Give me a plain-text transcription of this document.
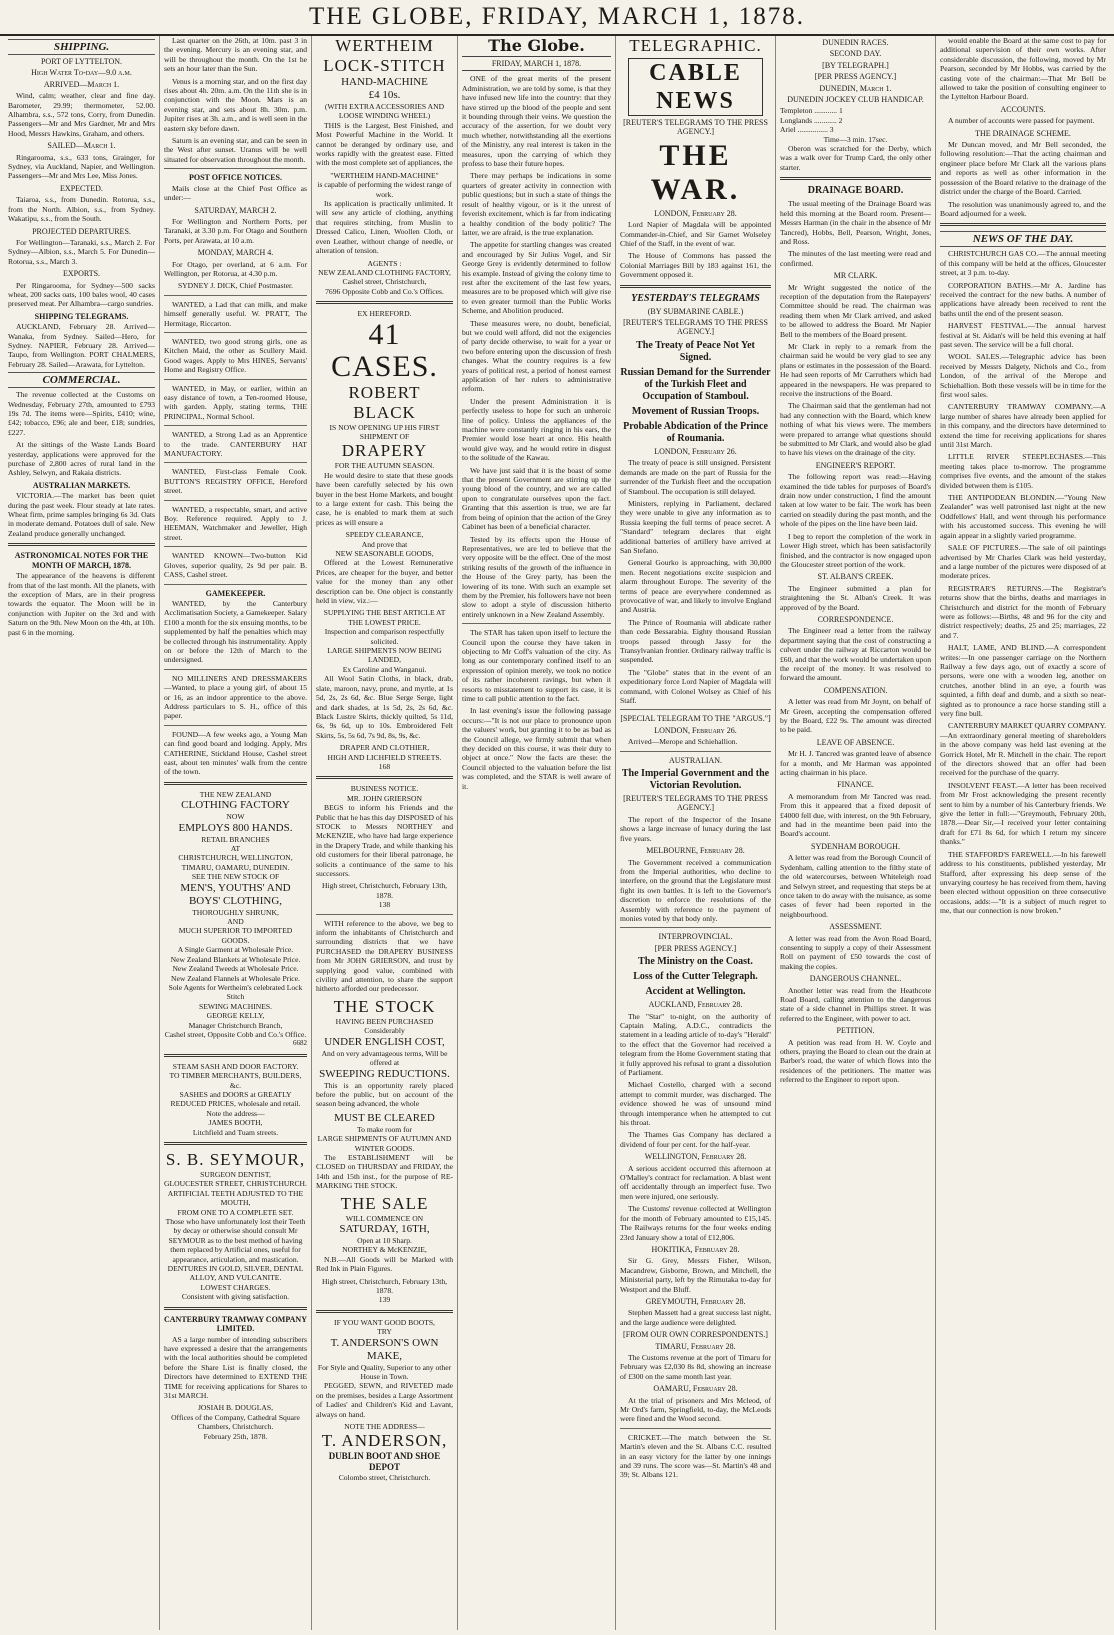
THE GLOBE, FRIDAY, MARCH 1, 1878.
SHIPPING.
PORT OF LYTTELTON.
High Water To-day—9.0 a.m.
ARRIVED—March 1.

Wind, calm; weather, clear and fine day. Barometer, 29.99; thermometer, 52.00. Alhambra, s.s., 572 tons, Corry, from Dunedin. Passengers—Mr and Mrs Gardner, Mr and Mrs Hood, Messrs Hawkins, Graham, and others.

SAILED—March 1.

Ringarooma, s.s., 633 tons, Grainger, for Sydney, via Auckland, Napier, and Wellington. Passengers—Mr and Mrs Lee, Miss Jones.

EXPECTED.

Taiaroa, s.s., from Dunedin. Rotorua, s.s., from the North. Albion, s.s., from Sydney. Wakatipu, s.s., from the South.

PROJECTED DEPARTURES.

For Wellington—Taranaki, s.s., March 2. For Sydney—Albion, s.s., March 5. For Dunedin—Rotorua, s.s., March 3.

EXPORTS.

Per Ringarooma, for Sydney—500 sacks wheat, 200 sacks oats, 100 bales wool, 40 cases preserved meat. Per Alhambra—cargo sundries.

SHIPPING TELEGRAMS.

AUCKLAND, February 28. Arrived—Wanaka, from Sydney. Sailed—Hero, for Sydney. NAPIER, February 28. Arrived—Taupo, from Wellington. PORT CHALMERS, February 28. Sailed—Arawata, for Lyttelton.

COMMERCIAL.

The revenue collected at the Customs on Wednesday, February 27th, amounted to £793 19s 7d. The items were—Spirits, £410; wine, £42; tobacco, £96; ale and beer, £18; sundries, £227.

At the sittings of the Waste Lands Board yesterday, applications were approved for the purchase of 2,800 acres of rural land in the Ashley, Selwyn, and Rakaia districts.

AUSTRALIAN MARKETS.

VICTORIA.—The market has been quiet during the past week. Flour steady at late rates. Wheat firm, prime samples bringing 6s 3d. Oats in moderate demand. Potatoes dull of sale. New Zealand produce generally unchanged.

ASTRONOMICAL NOTES FOR THE MONTH OF MARCH, 1878.

The appearance of the heavens is different from that of the last month. All the planets, with the exception of Mars, are in their progress towards the equator. The Moon will be in conjunction with Jupiter on the 3rd and with Saturn on the 9th. New Moon on the 4th, at 10h. past 6 in the morning.

Last quarter on the 26th, at 10m. past 3 in the evening. Mercury is an evening star, and will be throughout the month. On the 1st he sets an hour later than the Sun.

Venus is a morning star, and on the first day rises about 4h. 20m. a.m. On the 11th she is in conjunction with the Moon. Mars is an evening star, and sets about 8h. 30m. p.m. Jupiter rises at 3h. a.m., and is well seen in the eastern sky before dawn.

Saturn is an evening star, and can be seen in the West after sunset. Uranus will be well situated for observation throughout the month.

POST OFFICE NOTICES.

Mails close at the Chief Post Office as under:—

SATURDAY, MARCH 2.

For Wellington and Northern Ports, per Taranaki, at 3.30 p.m. For Otago and Southern Ports, per Arawata, at 10 a.m.

MONDAY, MARCH 4.

For Otago, per overland, at 6 a.m. For Wellington, per Rotorua, at 4.30 p.m.

SYDNEY J. DICK, Chief Postmaster.

WANTED, a Lad that can milk, and make himself generally useful. W. PRATT, The Hermitage, Riccarton.

WANTED, two good strong girls, one as Kitchen Maid, the other as Scullery Maid. Good wages. Apply to Mrs HINES, Servants' Home and Registry Office.

WANTED, in May, or earlier, within an easy distance of town, a Ten-roomed House, with garden. Apply, stating terms, THE PRINCIPAL, Normal School.

WANTED, a Strong Lad as an Apprentice to the trade. CANTERBURY HAT MANUFACTORY.

WANTED, First-class Female Cook. BUTTON'S REGISTRY OFFICE, Hereford street.

WANTED, a respectable, smart, and active Boy. Reference required. Apply to J. HEEMAN, Watchmaker and Jeweller, High street.

WANTED KNOWN—Two-button Kid Gloves, superior quality, 2s 9d per pair. B. CASS, Cashel street.

GAMEKEEPER.

WANTED, by the Canterbury Acclimatisation Society, a Gamekeeper. Salary £100 a month for the six ensuing months, to be supplemented by half the penalties which may be collected through his instrumentality. Apply on or before the 12th of March to the undersigned.

NO MILLINERS AND DRESSMAKERS—Wanted, to place a young girl, of about 15 or 16, as an indoor apprentice to the above. Address particulars to S. H., office of this paper.

FOUND—A few weeks ago, a Young Man can find good board and lodging. Apply, Mrs CATHERINE, Stickland House, Cashel street east, about ten minutes' walk from the centre of the town.

THE NEW ZEALAND
CLOTHING FACTORY
NOW
EMPLOYS 800 HANDS.
RETAIL BRANCHES
AT
CHRISTCHURCH, WELLINGTON, TIMARU, OAMARU, DUNEDIN.
SEE THE NEW STOCK OF
MEN'S, YOUTHS' AND BOYS' CLOTHING,
THOROUGHLY SHRUNK,
AND
MUCH SUPERIOR TO IMPORTED GOODS.
A Single Garment at Wholesale Price.
New Zealand Blankets at Wholesale Price.
New Zealand Tweeds at Wholesale Price.
New Zealand Flannels at Wholesale Price.
Sole Agents for Wertheim's celebrated Lock Stitch
SEWING MACHINES.
GEORGE KELLY,
Manager Christchurch Branch,
Cashel street, Opposite Cobb and Co.'s Office.
6682
STEAM SASH AND DOOR FACTORY.
TO TIMBER MERCHANTS, BUILDERS, &c.
SASHES and DOORS at GREATLY REDUCED PRICES, wholesale and retail.
Note the address—
JAMES BOOTH,
Litchfield and Tuam streets.
S. B. SEYMOUR,
SURGEON DENTIST,
GLOUCESTER STREET, CHRISTCHURCH.
ARTIFICIAL TEETH ADJUSTED TO THE MOUTH,
FROM ONE TO A COMPLETE SET.
Those who have unfortunately lost their Teeth by decay or otherwise should consult Mr SEYMOUR as to the best method of having them replaced by Artificial ones, useful for appearance, articulation, and mastication.
DENTURES IN GOLD, SILVER, DENTAL ALLOY, AND VULCANITE.
LOWEST CHARGES.
Consistent with giving satisfaction.
CANTERBURY TRAMWAY COMPANY LIMITED.

AS a large number of intending subscribers have expressed a desire that the arrangements with the local authorities should be completed before the Share List is finally closed, the Directors have determined to EXTEND THE TIME for receiving applications for Shares to 31st MARCH.

JOSIAH B. DOUGLAS,
Offices of the Company, Cathedral Square Chambers, Christchurch.
February 25th, 1878.
WERTHEIM
LOCK-STITCH
HAND-MACHINE
£4 10s.
(WITH EXTRA ACCESSORIES AND LOOSE WINDING WHEEL)

THIS is the Largest, Best Finished, and Most Powerful Machine in the World. It cannot be deranged by ordinary use, and works rapidly with the greatest ease. Fitted with the most complete set of appliances, the

"WERTHEIM HAND-MACHINE"
is capable of performing the widest range of work.

Its application is practically unlimited. It will sew any article of clothing, anything that requires stitching, from Muslin to Dressed Calico, Linen, Woollen Cloth, or even Leather, without change of needle, or alteration of tension.

AGENTS :
NEW ZEALAND CLOTHING FACTORY,
Cashel street, Christchurch,
7696 Opposite Cobb and Co.'s Offices.
EX HEREFORD.
41 CASES.
ROBERT BLACK
IS NOW OPENING UP HIS FIRST SHIPMENT OF
DRAPERY
FOR THE AUTUMN SEASON.

He would desire to state that these goods have been carefully selected by his own buyer in the best Home Markets, and bought to a large extent for cash. This being the case, he is enabled to mark them at such prices as will ensure a

SPEEDY CLEARANCE,
And prove that
NEW SEASONABLE GOODS,

Offered at the Lowest Remunerative Prices, are cheaper for the buyer, and better value for the money than any other description can be. One object is constantly held in view, viz.:—

SUPPLYING THE BEST ARTICLE AT THE LOWEST PRICE.
Inspection and comparison respectfully solicited.
LARGE SHIPMENTS NOW BEING LANDED,
Ex Caroline and Wanganui.

All Wool Satin Cloths, in black, drab, slate, maroon, navy, prune, and myrtle, at 1s 5d, 2s, 2s 6d, &c. Blue Serge Serge, light and dark shades, at 1s 5d, 2s, 2s 6d, &c. Black Lustre Skirts, thickly quilted, 5s 11d, 6s, 9s 6d, up to 10s. Embroidered Felt Skirts, 5s, 5s 6d, 7s 9d, 8s, 9s, &c.

DRAPER AND CLOTHIER,
HIGH AND LICHFIELD STREETS.
168
BUSINESS NOTICE.
MR. JOHN GRIERSON

BEGS to inform his Friends and the Public that he has this day DISPOSED of his STOCK to Messrs NORTHEY and McKENZIE, who have had large experience in the Drapery Trade, and while thanking his old customers for their liberal patronage, he solicits a continuance of the same to his successors.

High street, Christchurch, February 13th, 1878.
138

WITH reference to the above, we beg to inform the inhabitants of Christchurch and surrounding districts that we have PURCHASED the DRAPERY BUSINESS from Mr JOHN GRIERSON, and trust by supplying good value, combined with civility and attention, to share the support hitherto afforded our predecessor.

THE STOCK
HAVING BEEN PURCHASED
Considerably
UNDER ENGLISH COST,
And on very advantageous terms, Will be offered at
SWEEPING REDUCTIONS.

This is an opportunity rarely placed before the public, but on account of the season being advanced, the whole

MUST BE CLEARED
To make room for
LARGE SHIPMENTS OF AUTUMN AND WINTER GOODS.

The ESTABLISHMENT will be CLOSED on THURSDAY and FRIDAY, the 14th and 15th inst., for the purpose of RE-MARKING THE STOCK.

THE SALE
WILL COMMENCE ON
SATURDAY, 16TH,
Open at 10 Sharp.
NORTHEY & McKENZIE,

N.B.—All Goods will be Marked with Red Ink in Plain Figures.

High street, Christchurch, February 13th, 1878.
139
IF YOU WANT GOOD BOOTS,
TRY
T. ANDERSON'S OWN MAKE,
For Style and Quality, Superior to any other House in Town.

PEGGED, SEWN, and RIVETED made on the premises, besides a Large Assortment of Ladies' and Children's Kid and Lavant, always on hand.

NOTE THE ADDRESS—
T. ANDERSON,
DUBLIN BOOT AND SHOE DEPOT
Colombo street, Christchurch.
The Globe.
FRIDAY, MARCH 1, 1878.

ONE of the great merits of the present Administration, we are told by some, is that they have infused new life into the country: that they have stirred up the blood of the people and sent it bounding through their veins. We question the accuracy of the assertion, for we doubt very much whether, notwithstanding all the exertions of the Ministry, any real interest is taken in the measures, upon the carrying of which they profess to base their future hopes.

There may perhaps be indications in some quarters of greater activity in connection with public questions; but in such a state of things the result of healthy vigour, or is it the unrest of feverish excitement, which is far from indicating a healthy condition of the body politic? The latter, we are afraid, is the true explanation.

The appetite for startling changes was created and encouraged by Sir Julius Vogel, and Sir George Grey is evidently determined to follow his example. Instead of giving the colony time to rest after the excitement of the last few years, measures are to be proposed which will give rise to even greater turmoil than the Public Works Scheme, and Abolition produced.

These measures were, no doubt, beneficial, but we could well afford, did not the exigencies of party decide otherwise, to wait for a year or two before entering upon the discussion of fresh changes. What the country requires is a few years of political rest, a period of honest earnest application of her rulers to administrative reform.

Under the present Administration it is perfectly useless to hope for such an unheroic line of policy. Unless the appliances of the machine were constantly ringing in his ears, the Premier would lose heart at once. His health would give way, and he would retire in disgust to the solitude of the Kawau.

We have just said that it is the boast of some that the present Government are stirring up the young blood of the country, and we are called upon to congratulate ourselves upon the fact. Granting that this assertion is true, we are far from being of opinion that the action of the Grey Cabinet has been of a beneficial character.

Tested by its effects upon the House of Representatives, we are led to believe that the very opposite will be the effect. One of the most striking results of the growth of the influence in the House of the Grey party, has been the lowering of its tone. With such an example set them by the Premier, his followers have not been slow to adopt a style of discussion hitherto entirely unknown in a New Zealand Assembly.

The STAR has taken upon itself to lecture the Council upon the course they have taken in objecting to Mr Coff's valuation of the city. As long as our contemporary confined itself to an expression of opinion merely, we took no notice of its rather incoherent ravings, but when it resorts to misstatement to support its case, it is time to call public attention to the fact.

In last evening's issue the following passage occurs:—"It is not our place to pronounce upon the valuers' work, but granting it to be as bad as the Council allege, we firmly submit that when they decided on this course, it was their duty to object at once." Now the facts are these: the Council objected to the valuation before the list was completed, and the STAR is well aware of it.

TELEGRAPHIC.
CABLE NEWS
[REUTER'S TELEGRAMS TO THE PRESS AGENCY.]
THE WAR.
LONDON, February 28.

Lord Napier of Magdala will be appointed Commander-in-Chief, and Sir Garnet Wolseley Chief of the Staff, in the event of war.

The House of Commons has passed the Colonial Marriages Bill by 183 against 161, the Government opposed it.

YESTERDAY'S TELEGRAMS
(BY SUBMARINE CABLE.)
[REUTER'S TELEGRAMS TO THE PRESS AGENCY.]
The Treaty of Peace Not Yet Signed.
Russian Demand for the Surrender of the Turkish Fleet and Occupation of Stamboul.
Movement of Russian Troops.
Probable Abdication of the Prince of Roumania.
LONDON, February 26.

The treaty of peace is still unsigned. Persistent demands are made on the part of Russia for the surrender of the Turkish fleet and the occupation of Stamboul. The occupation is still delayed.

Ministers, replying in Parliament, declared they were unable to give any information as to Russia keeping the full terms of peace secret. A "Standard" telegram declares that eight additional batteries of artillery have arrived at San Stefano.

General Gourko is approaching, with 30,000 men. Recent negotiations excite suspicion and alarm throughout Europe. The severity of the terms of peace are everywhere condemned as provocative of war, and likely to involve England and Austria.

The Prince of Roumania will abdicate rather than cede Bessarabia. Eighty thousand Russian troops passed through Jassy for the Transylvanian frontier. Ordinary railway traffic is suspended.

The "Globe" states that in the event of an expeditionary force Lord Napier of Magdala will command, with Colonel Wolsey as Chief of his Staff.

[SPECIAL TELEGRAM TO THE "ARGUS."]
LONDON, February 26.

Arrived—Merope and Schiehallion.

AUSTRALIAN.
The Imperial Government and the Victorian Revolution.
[REUTER'S TELEGRAMS TO THE PRESS AGENCY.]

The report of the Inspector of the Insane shows a large increase of lunacy during the last five years.

MELBOURNE, February 28.

The Government received a communication from the Imperial authorities, who decline to interfere, on the ground that the Legislature must fight its own battles. It is left to the Governor's discretion to enforce the resolutions of the Assembly with reference to the payment of monies voted by that body only.

INTERPROVINCIAL.
[PER PRESS AGENCY.]
The Ministry on the Coast.
Loss of the Cutter Telegraph.
Accident at Wellington.
AUCKLAND, February 28.

The "Star" to-night, on the authority of Captain Maling, A.D.C., contradicts the statement in a leading article of to-day's "Herald" to the effect that the Governor had received a telegram from the Home Government stating that it fully approved his refusal to grant a dissolution of Parliament.

Michael Costello, charged with a second attempt to commit murder, was discharged. The evidence showed he was of unsound mind through intemperance when he attempted to cut his throat.

The Thames Gas Company has declared a dividend of four per cent. for the half-year.

WELLINGTON, February 28.

A serious accident occurred this afternoon at O'Malley's contract for reclamation. A blast went off accidentally through an imperfect fuse. Two men were injured, one seriously.

The Customs' revenue collected at Wellington for the month of February amounted to £15,145. The Railways returns for the four weeks ending 23rd January show a total of £12,806.

HOKITIKA, February 28.

Sir G. Grey, Messrs Fisher, Wilson, Macandrew, Gisborne, Brown, and Mitchell, the Ministerial party, left by the Rimutaka to-day for Westport and the Bluff.

GREYMOUTH, February 28.

Stephen Massett had a great success last night, and the large audience were delighted.

[FROM OUR OWN CORRESPONDENTS.]
TIMARU, February 28.

The Customs revenue at the port of Timaru for February was £2,030 8s 8d, showing an increase of £300 on the same month last year.

OAMARU, February 28.

At the trial of prisoners and Mrs Mcleod, of Mr Ord's farm, Springfield, to-day, the McLeods were fined and the Wood second.

CRICKET.—The match between the St. Martin's eleven and the St. Albans C.C. resulted in an easy victory for the latter by one innings and 39 runs. The score was—St. Martin's 48 and 39; St. Albans 121.

DUNEDIN RACES.
SECOND DAY.
[BY TELEGRAPH.]
[PER PRESS AGENCY.]
DUNEDIN, March 1.
DUNEDIN JOCKEY CLUB HANDICAP.
Templeton ............ 1
Longlands ............ 2
Ariel ................ 3
Time—3 min. 17sec.

Oberon was scratched for the Derby, which was a walk over for Trump Card, the only other starter.

DRAINAGE BOARD.

The usual meeting of the Drainage Board was held this morning at the Board room. Present—Messrs Harman (in the chair in the absence of Mr Tancred), Hobbs, Bell, Pearson, Wright, Jones, and Ross.

The minutes of the last meeting were read and confirmed.

MR CLARK.

Mr Wright suggested the notice of the reception of the deputation from the Ratepayers' Committee should be read. The chairman was reading them when Mr Clark arrived, and asked to be allowed to address the Board. Mr Napier Bell to the members of the Board present.

Mr Clark in reply to a remark from the chairman said he would be very glad to see any plans or estimates in the possession of the Board. He had seen reports of Mr Carruthers which had appeared in the newspapers. He was prepared to receive the instructions of the Board.

The Chairman said that the gentleman had not had any connection with the Board, which knew nothing of what his views were. The members were prepared to arrange what questions should be submitted to Mr Clark, and would also be glad to have his views on the drainage of the city.

ENGINEER'S REPORT.

The following report was read:—Having examined the tide tables for purposes of Board's drain now under construction, I find the amount taken at low water to be fair. The work has been carried on steadily during the past month, and the whole of the pipes on the line have been laid.

I beg to report the completion of the work in Lower High street, which has been satisfactorily finished, and the contractor is now engaged upon the Gloucester street portion of the work.

ST. ALBAN'S CREEK.

The Engineer submitted a plan for straightening the St. Alban's Creek. It was approved of by the Board.

CORRESPONDENCE.

The Engineer read a letter from the railway department saying that the cost of constructing a culvert under the railway at Riccarton would be £60, and that the work would be undertaken upon the receipt of the money. It was resolved to forward the amount.

COMPENSATION.

A letter was read from Mr Joynt, on behalf of Mr Green, accepting the compensation offered by the Board, £22 9s. The amount was directed to be paid.

LEAVE OF ABSENCE.

Mr H. J. Tancred was granted leave of absence for a month, and Mr Harman was appointed acting chairman in his place.

FINANCE.

A memorandum from Mr Tancred was read. From this it appeared that a fixed deposit of £4000 fell due, with interest, on the 9th February, and had in the meantime been paid into the Board's account.

SYDENHAM BOROUGH.

A letter was read from the Borough Council of Sydenham, calling attention to the filthy state of the old watercourses, between Whiteleigh road and Selwyn street, and requesting that steps be at once taken to do away with the nuisance, as some cases of fever had been reported in the neighbourhood.

ASSESSMENT.

A letter was read from the Avon Road Board, consenting to supply a copy of their Assessment Roll on payment of £50 towards the cost of making the copies.

DANGEROUS CHANNEL.

Another letter was read from the Heathcote Road Board, calling attention to the dangerous state of a side channel in Phillips street. It was referred to the Engineer, with power to act.

PETITION.

A petition was read from H. W. Coyle and others, praying the Board to clean out the drain at Barber's road, the water of which flows into the residences of the petitioners. The matter was referred to the Engineer to report upon.

would enable the Board at the same cost to pay for additional supervision of their own works. After considerable discussion, the following, moved by Mr Pearson, seconded by Mr Hobbs, was carried by the casting vote of the chairman:—That Mr Bell be allowed to take the position of consulting engineer to the Lyttelton Harbour Board.

ACCOUNTS.

A number of accounts were passed for payment.

THE DRAINAGE SCHEME.

Mr Duncan moved, and Mr Bell seconded, the following resolution:—That the acting chairman and engineer place before Mr Clark all the various plans and reports as well as other information in the possession of the Board relative to the drainage of the district under the charge of the Board. Carried.

The resolution was unanimously agreed to, and the Board adjourned for a week.

NEWS OF THE DAY.

CHRISTCHURCH GAS CO.—The annual meeting of this company will be held at the offices, Gloucester street, at 3 p.m. to-day.

CORPORATION BATHS.—Mr A. Jardine has received the contract for the new baths. A number of applications have already been received to rent the baths until the end of the present season.

HARVEST FESTIVAL.—The annual harvest festival at St. Aidan's will be held this evening at half past seven. The service will be a full choral.

WOOL SALES.—Telegraphic advice has been received by Messrs Dalgety, Nichols and Co., from London, of the arrival of the Merope and Schiehallion. Both these vessels will be in time for the first wool sales.

CANTERBURY TRAMWAY COMPANY.—A large number of shares have already been applied for in this company, and the directors have determined to extend the time for receiving applications for shares until 31st March.

LITTLE RIVER STEEPLECHASES.—This meeting takes place to-morrow. The programme comprises five events, and the amount of the stakes divided between them is £105.

THE ANTIPODEAN BLONDIN.—"Young New Zealander" was well patronised last night at the new Oddfellows' Hall, and went through his performance with his accustomed success. This evening he will again appear in a slightly varied programme.

SALE OF PICTURES.—The sale of oil paintings advertised by Mr Charles Clark was held yesterday, and a large number of the pictures were disposed of at moderate prices.

REGISTRAR'S RETURNS.—The Registrar's returns show that the births, deaths and marriages in Christchurch and district for the month of February were as follows:—Births, 48 and 96 for the city and district respectively; deaths, 25 and 25; marriages, 22 and 7.

HALT, LAME, AND BLIND.—A correspondent writes:—In one passenger carriage on the Northern Railway a few days ago, out of exactly a score of persons, were one with a wooden leg, another on crutches, another blind in an eye, a fourth was squinted, a fifth deaf and dumb, and a sixth so near-sighted as to pronounce a race horse standing still a very fine bull.

CANTERBURY MARKET QUARRY COMPANY.—An extraordinary general meeting of shareholders in the above company was held last evening at the Gorrick Hotel, Mr R. Mitchell in the chair. The report of the directors showed that an offer had been received for the purchase of the quarry.

INSOLVENT FEAST.—A letter has been received from Mr Frost acknowledging the present recently sent to him by a number of his Canterbury friends. We give the letter in full:—"Greymouth, February 20th, 1878.—Dear Sir,—I received your letter containing draft for £71 8s 6d, for which I return my sincere thanks."

THE STAFFORD'S FAREWELL.—In his farewell address to his constituents, published yesterday, Mr Stafford, after expressing his deep sense of the unvarying courtesy he has received from them, having been elected without opposition on three consecutive occasions, adds:—"It is a subject of much regret to me, that our connection is now broken."
